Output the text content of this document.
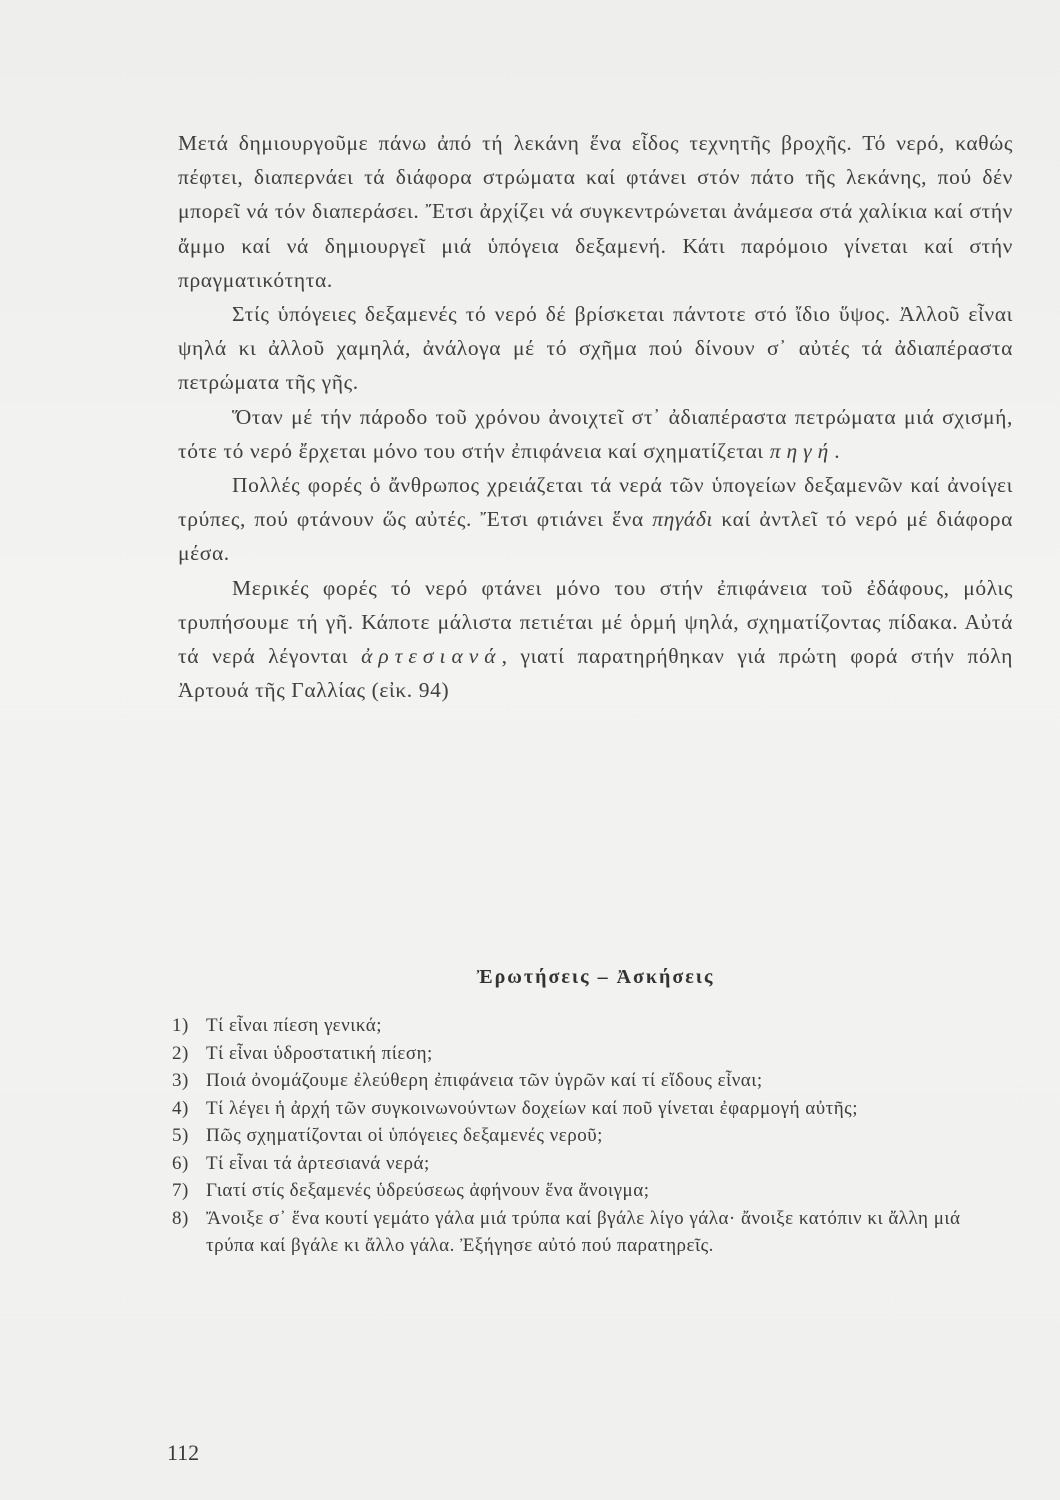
Μετά δημιουργοῦμε πάνω ἀπό τή λεκάνη ἕνα εἶδος τεχνητῆς βροχῆς. Τό νερό, καθώς πέφτει, διαπερνάει τά διάφορα στρώματα καί φτάνει στόν πάτο τῆς λεκάνης, πού δέν μπορεῖ νά τόν διαπεράσει. Ἔτσι ἀρχίζει νά συγκεντρώνεται ἀνάμεσα στά χαλίκια καί στήν ἄμμο καί νά δημιουργεῖ μιά ὑπόγεια δεξαμενή. Κάτι παρόμοιο γίνεται καί στήν πραγματικότητα.

Στίς ὑπόγειες δεξαμενές τό νερό δέ βρίσκεται πάντοτε στό ἴδιο ὕψος. Ἀλλοῦ εἶναι ψηλά κι ἀλλοῦ χαμηλά, ἀνάλογα μέ τό σχῆμα πού δίνουν σ᾽ αὐτές τά ἀδιαπέραστα πετρώματα τῆς γῆς.

Ὅταν μέ τήν πάροδο τοῦ χρόνου ἀνοιχτεῖ στ᾽ ἀδιαπέραστα πετρώματα μιά σχισμή, τότε τό νερό ἔρχεται μόνο του στήν ἐπιφάνεια καί σχηματίζεται πηγή.

Πολλές φορές ὁ ἄνθρωπος χρειάζεται τά νερά τῶν ὑπογείων δεξαμενῶν καί ἀνοίγει τρύπες, πού φτάνουν ὥς αὐτές. Ἔτσι φτιάνει ἕνα πηγάδι καί ἀντλεῖ τό νερό μέ διάφορα μέσα.

Μερικές φορές τό νερό φτάνει μόνο του στήν ἐπιφάνεια τοῦ ἐδάφους, μόλις τρυπήσουμε τή γῆ. Κάποτε μάλιστα πετιέται μέ ὁρμή ψηλά, σχηματίζοντας πίδακα. Αὐτά τά νερά λέγονται ἀρτεσιανά, γιατί παρατηρήθηκαν γιά πρώτη φορά στήν πόλη Ἀρτουά τῆς Γαλλίας (εἰκ. 94)

Ἐρωτήσεις – Ἀσκήσεις
1) Τί εἶναι πίεση γενικά;
2) Τί εἶναι ὑδροστατική πίεση;
3) Ποιά ὀνομάζουμε ἐλεύθερη ἐπιφάνεια τῶν ὑγρῶν καί τί εἴδους εἶναι;
4) Τί λέγει ἡ ἀρχή τῶν συγκοινωνούντων δοχείων καί ποῦ γίνεται ἐφαρμογή αὐτῆς;
5) Πῶς σχηματίζονται οἱ ὑπόγειες δεξαμενές νεροῦ;
6) Τί εἶναι τά ἀρτεσιανά νερά;
7) Γιατί στίς δεξαμενές ὑδρεύσεως ἀφήνουν ἕνα ἄνοιγμα;
8) Ἄνοιξε σ᾽ ἕνα κουτί γεμάτο γάλα μιά τρύπα καί βγάλε λίγο γάλα· ἄνοιξε κατόπιν κι ἄλλη μιά τρύπα καί βγάλε κι ἄλλο γάλα. Ἐξήγησε αὐτό πού παρατηρεῖς.
112
